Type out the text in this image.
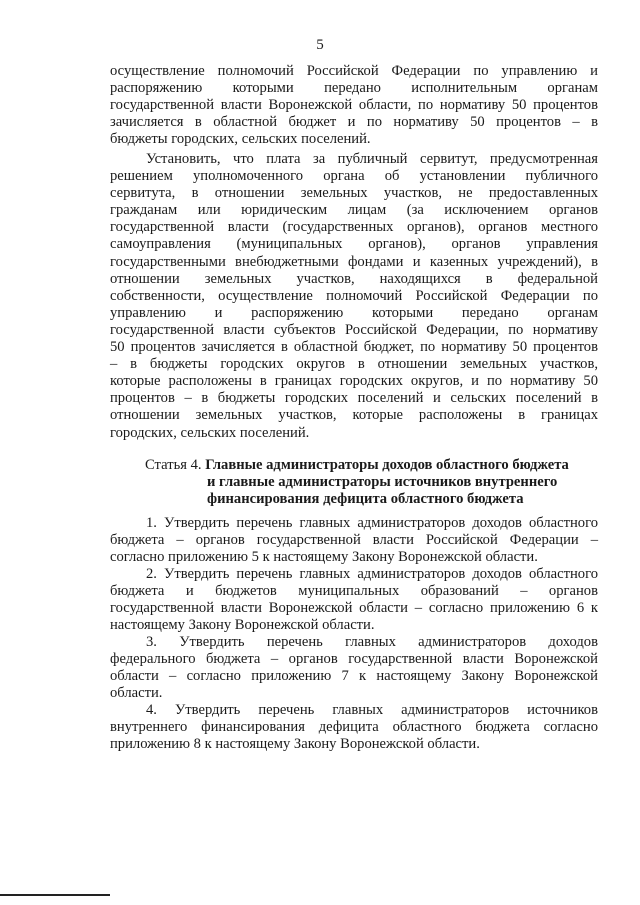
5
осуществление полномочий Российской Федерации по управлению и
распоряжению которыми передано исполнительным органам
государственной власти Воронежской области, по нормативу 50 процентов
зачисляется в областной бюджет и по нормативу 50 процентов – в
бюджеты городских, сельских поселений.
Установить, что плата за публичный сервитут, предусмотренная
решением уполномоченного органа об установлении публичного
сервитута, в отношении земельных участков, не предоставленных
гражданам или юридическим лицам (за исключением органов
государственной власти (государственных органов), органов местного
самоуправления (муниципальных органов), органов управления
государственными внебюджетными фондами и казенных учреждений), в
отношении земельных участков, находящихся в федеральной
собственности, осуществление полномочий Российской Федерации по
управлению и распоряжению которыми передано органам
государственной власти субъектов Российской Федерации, по нормативу
50 процентов зачисляется в областной бюджет, по нормативу 50 процентов
– в бюджеты городских округов в отношении земельных участков,
которые расположены в границах городских округов, и по нормативу 50
процентов – в бюджеты городских поселений и сельских поселений в
отношении земельных участков, которые расположены в границах
городских, сельских поселений.
Статья 4. Главные администраторы доходов областного бюджета
и главные администраторы источников внутреннего
финансирования дефицита областного бюджета
1. Утвердить перечень главных администраторов доходов областного
бюджета – органов государственной власти Российской Федерации –
согласно приложению 5 к настоящему Закону Воронежской области.
2. Утвердить перечень главных администраторов доходов областного
бюджета и бюджетов муниципальных образований – органов
государственной власти Воронежской области – согласно приложению 6 к
настоящему Закону Воронежской области.
3. Утвердить перечень главных администраторов доходов
федерального бюджета – органов государственной власти Воронежской
области – согласно приложению 7 к настоящему Закону Воронежской
области.
4. Утвердить перечень главных администраторов источников
внутреннего финансирования дефицита областного бюджета согласно
приложению 8 к настоящему Закону Воронежской области.
